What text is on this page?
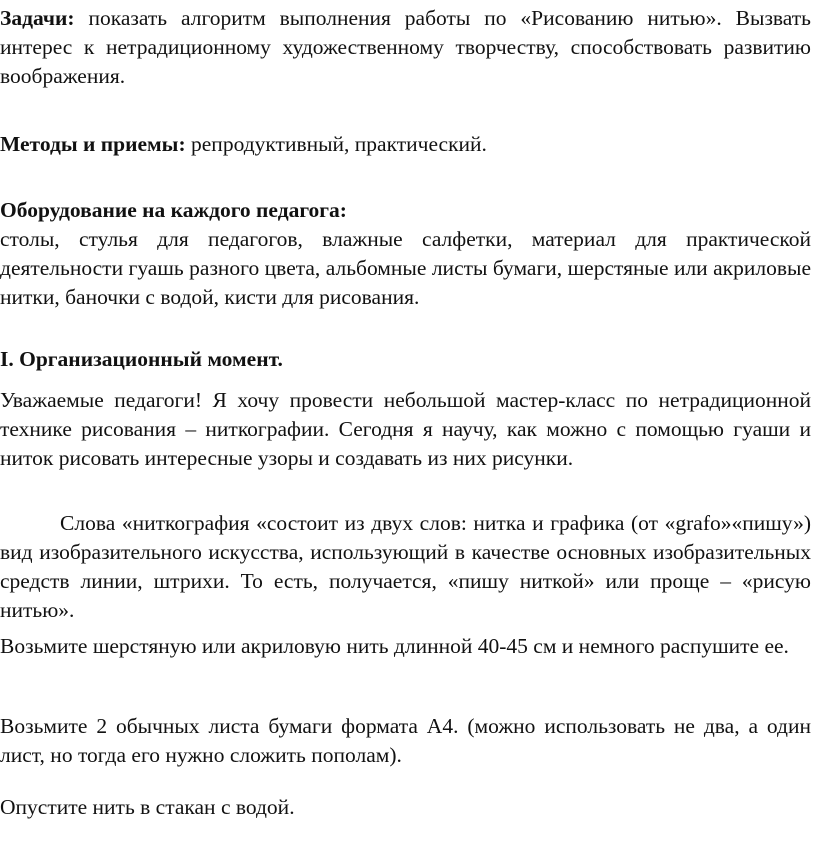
Задачи: показать алгоритм выполнения работы по «Рисованию нитью». Вызвать интерес к нетрадиционному художественному творчеству, способствовать развитию воображения.

Методы и приемы: репродуктивный, практический.

Оборудование на каждого педагога:

столы, стулья для педагогов, влажные салфетки, материал для практической деятельности гуашь разного цвета, альбомные листы бумаги, шерстяные или акриловые нитки, баночки с водой, кисти для рисования.

I. Организационный момент.

Уважаемые педагоги! Я хочу провести небольшой мастер-класс по нетрадиционной технике рисования – ниткографии. Сегодня я научу, как можно с помощью гуаши и ниток рисовать интересные узоры и создавать из них рисунки.

Слова «ниткография «состоит из двух слов: нитка и графика (от «grafo»«пишу») вид изобразительного искусства, использующий в качестве основных изобразительных средств линии, штрихи. То есть, получается, «пишу ниткой» или проще – «рисую нитью».

Возьмите шерстяную или акриловую нить длинной 40-45 см и немного распушите ее.

Возьмите 2 обычных листа бумаги формата А4. (можно использовать не два, а один лист, но тогда его нужно сложить пополам).

Опустите нить в стакан с водой.
